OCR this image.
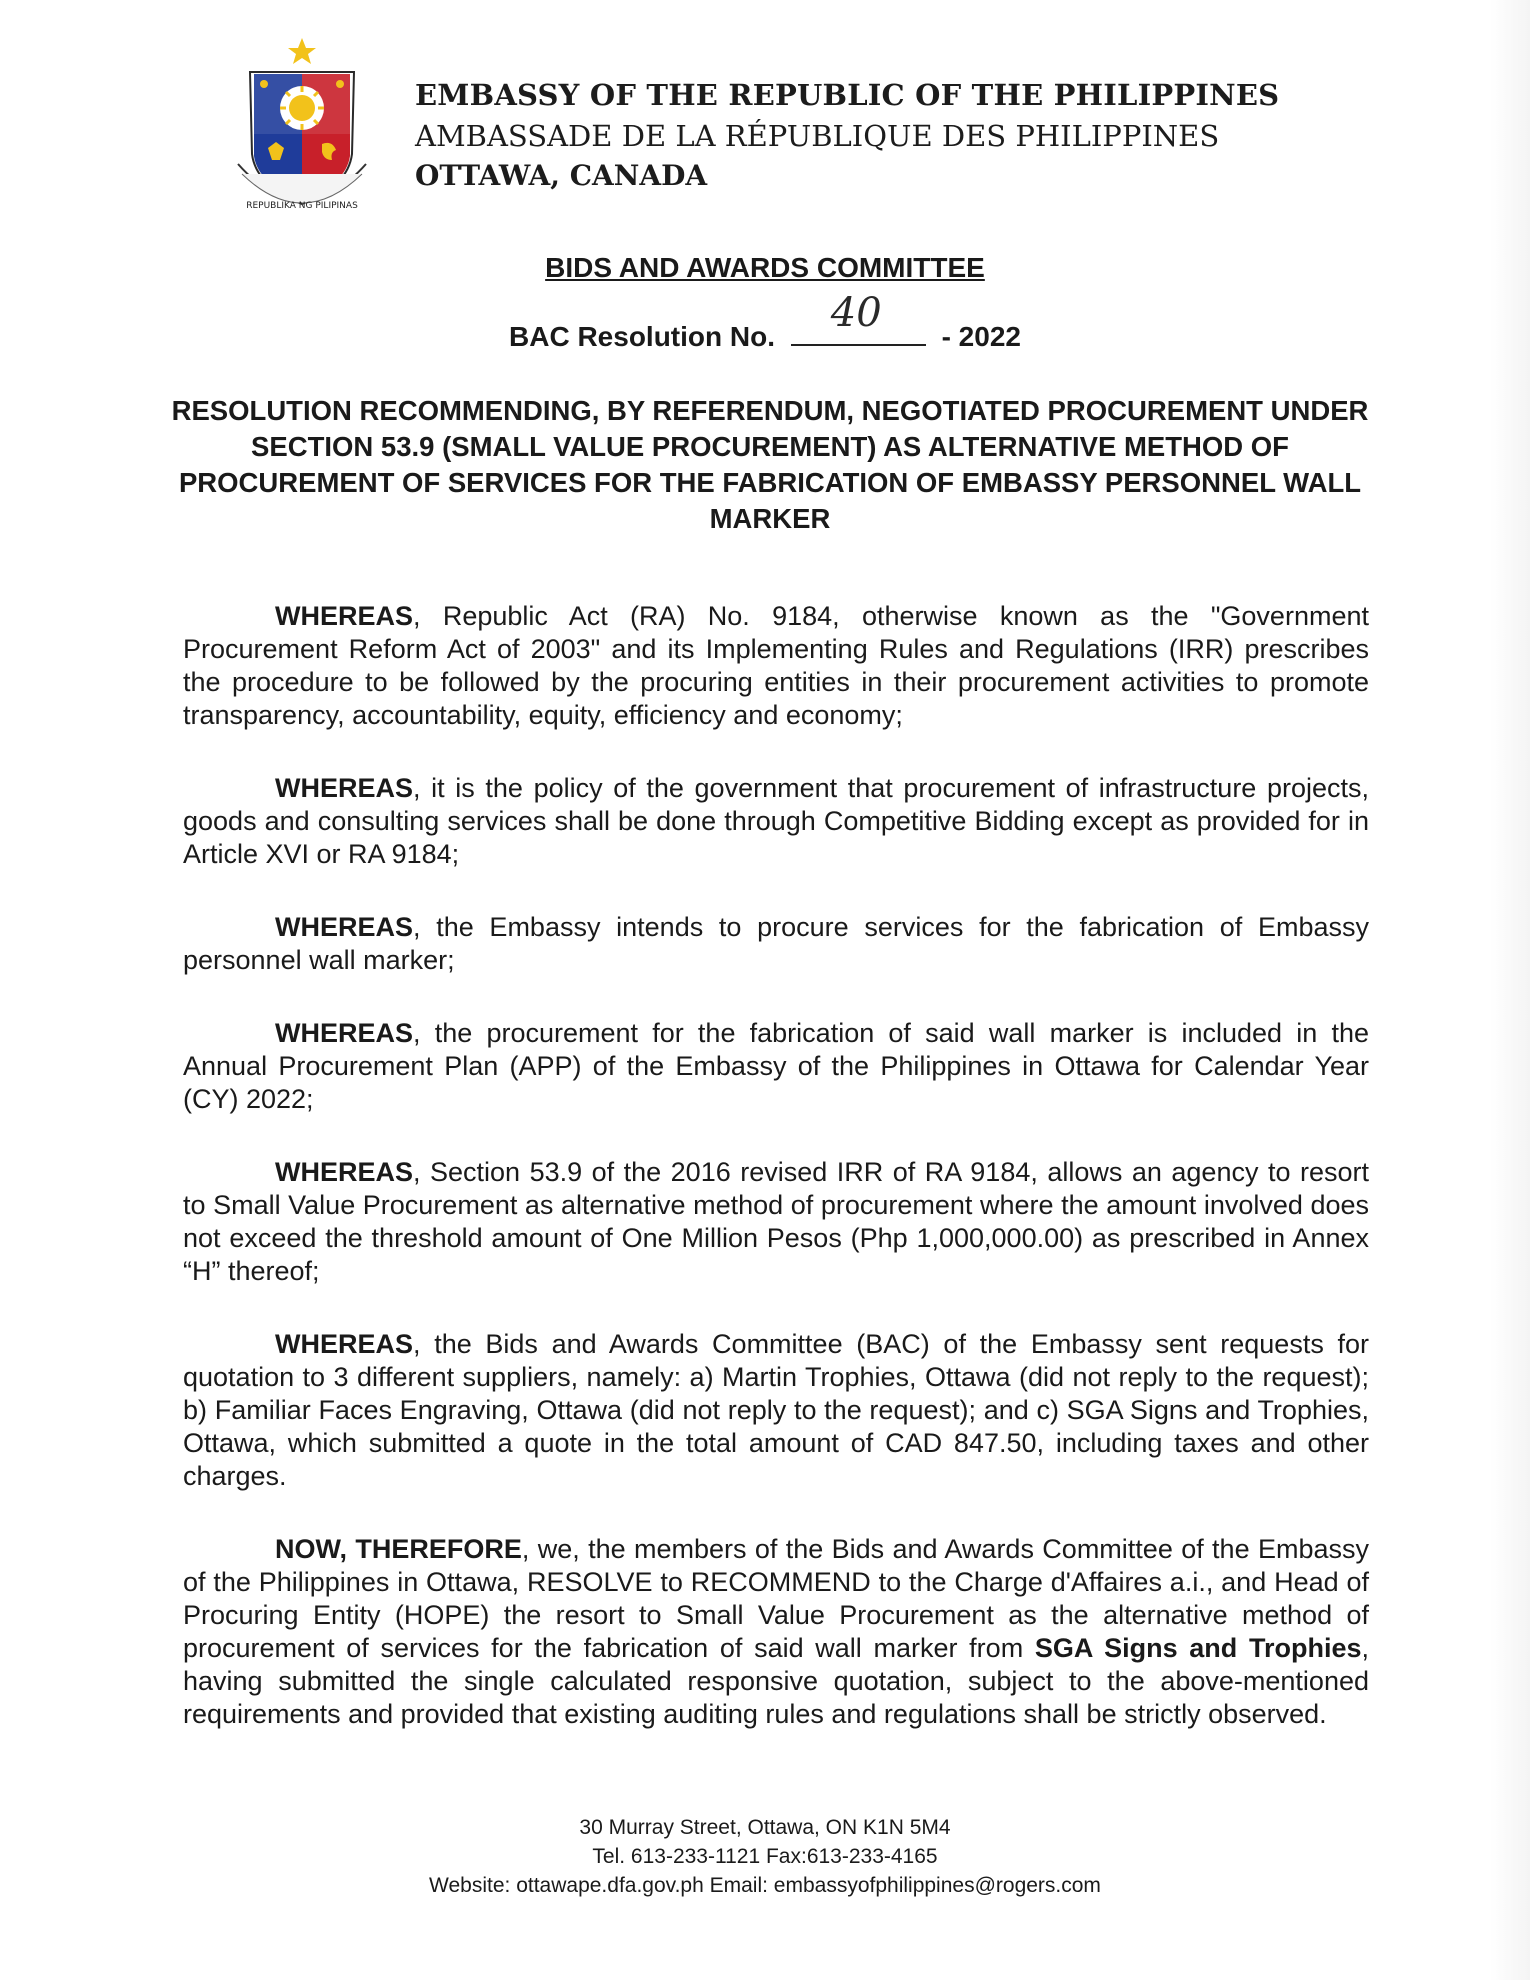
REPUBLIKA NG PILIPINAS
EMBASSY OF THE REPUBLIC OF THE PHILIPPINES
AMBASSADE DE LA RÉPUBLIQUE DES PHILIPPINES
OTTAWA, CANADA
BIDS AND AWARDS COMMITTEE
BAC Resolution No.
40
- 2022
RESOLUTION RECOMMENDING, BY REFERENDUM, NEGOTIATED PROCUREMENT UNDER SECTION 53.9 (SMALL VALUE PROCUREMENT) AS ALTERNATIVE METHOD OF PROCUREMENT OF SERVICES FOR THE FABRICATION OF EMBASSY PERSONNEL WALL MARKER

WHEREAS, Republic Act (RA) No. 9184, otherwise known as the "Government Procurement Reform Act of 2003" and its Implementing Rules and Regulations (IRR) prescribes the procedure to be followed by the procuring entities in their procurement activities to promote transparency, accountability, equity, efficiency and economy;

WHEREAS, it is the policy of the government that procurement of infrastructure projects, goods and consulting services shall be done through Competitive Bidding except as provided for in Article XVI or RA 9184;

WHEREAS, the Embassy intends to procure services for the fabrication of Embassy personnel wall marker;

WHEREAS, the procurement for the fabrication of said wall marker is included in the Annual Procurement Plan (APP) of the Embassy of the Philippines in Ottawa for Calendar Year (CY) 2022;

WHEREAS, Section 53.9 of the 2016 revised IRR of RA 9184, allows an agency to resort to Small Value Procurement as alternative method of procurement where the amount involved does not exceed the threshold amount of One Million Pesos (Php 1,000,000.00) as prescribed in Annex “H” thereof;

WHEREAS, the Bids and Awards Committee (BAC) of the Embassy sent requests for quotation to 3 different suppliers, namely: a) Martin Trophies, Ottawa (did not reply to the request); b) Familiar Faces Engraving, Ottawa (did not reply to the request); and c) SGA Signs and Trophies, Ottawa, which submitted a quote in the total amount of CAD 847.50, including taxes and other charges.

NOW, THEREFORE, we, the members of the Bids and Awards Committee of the Embassy of the Philippines in Ottawa, RESOLVE to RECOMMEND to the Charge d'Affaires a.i., and Head of Procuring Entity (HOPE) the resort to Small Value Procurement as the alternative method of procurement of services for the fabrication of said wall marker from SGA Signs and Trophies, having submitted the single calculated responsive quotation, subject to the above-mentioned requirements and provided that existing auditing rules and regulations shall be strictly observed.

30 Murray Street, Ottawa, ON K1N 5M4
Tel. 613-233-1121 Fax:613-233-4165
Website: ottawape.dfa.gov.ph Email: embassyofphilippines@rogers.com
